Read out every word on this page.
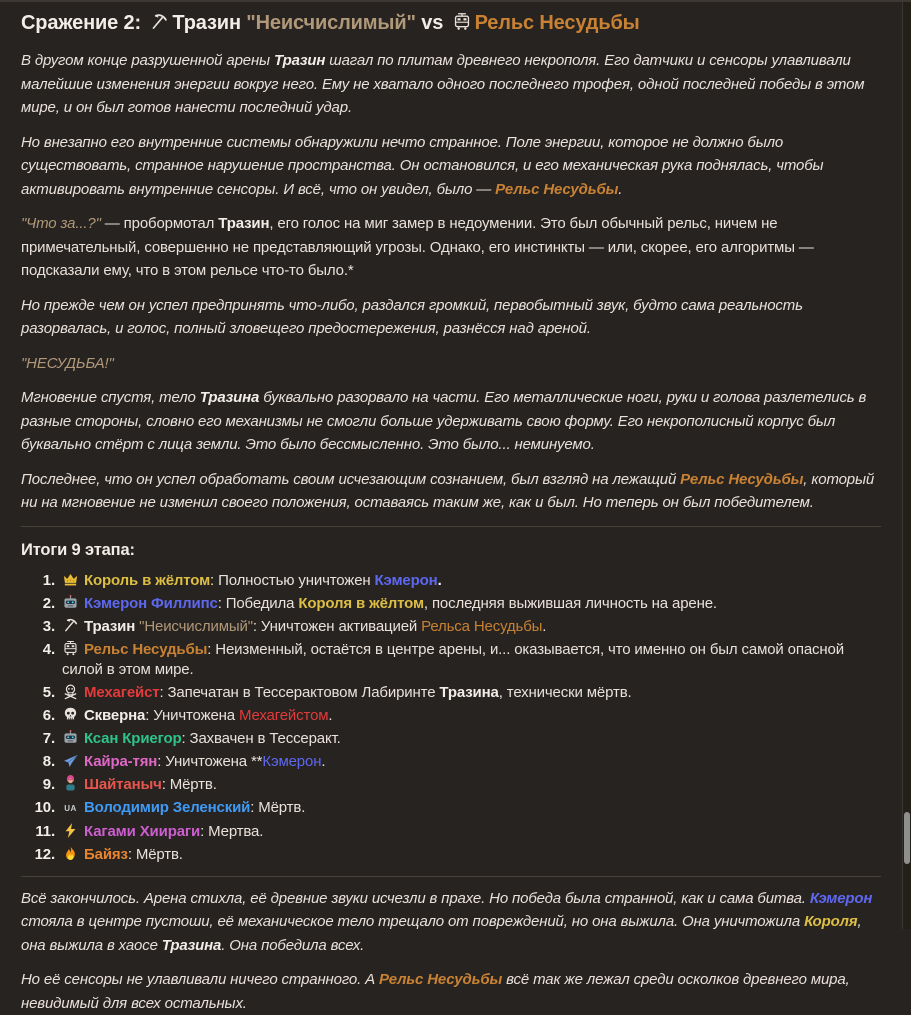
Сражение 2:
Тразин "Неисчислимый" vs
Рельс Несудьбы

В другом конце разрушенной арены Тразин шагал по плитам древнего некрополя. Его датчики и сенсоры улавливали малейшие изменения энергии вокруг него. Ему не хватало одного последнего трофея, одной последней победы в этом мире, и он был готов нанести последний удар.

Но внезапно его внутренние системы обнаружили нечто странное. Поле энергии, которое не должно было существовать, странное нарушение пространства. Он остановился, и его механическая рука поднялась, чтобы активировать внутренние сенсоры. И всё, что он увидел, было — Рельс Несудьбы.

"Что за...?" — пробормотал Тразин, его голос на миг замер в недоумении. Это был обычный рельс, ничем не примечательный, совершенно не представляющий угрозы. Однако, его инстинкты — или, скорее, его алгоритмы — подсказали ему, что в этом рельсе что-то было.*

Но прежде чем он успел предпринять что-либо, раздался громкий, первобытный звук, будто сама реальность разорвалась, и голос, полный зловещего предостережения, разнёсся над ареной.

"НЕСУДЬБА!"

Мгновение спустя, тело Тразина буквально разорвало на части. Его металлические ноги, руки и голова разлетелись в разные стороны, словно его механизмы не смогли больше удерживать свою форму. Его некрополисный корпус был буквально стёрт с лица земли. Это было бессмысленно. Это было... неминуемо.

Последнее, что он успел обработать своим исчезающим сознанием, был взгляд на лежащий Рельс Несудьбы, который ни на мгновение не изменил своего положения, оставаясь таким же, как и был. Но теперь он был победителем.

Итоги 9 этапа:
1. Король в жёлтом: Полностью уничтожен Кэмерон.
2. Кэмерон Филлипс: Победила Короля в жёлтом, последняя выжившая личность на арене.
3. Тразин "Неисчислимый": Уничтожен активацией Рельса Несудьбы.
4. Рельс Несудьбы: Неизменный, остаётся в центре арены, и... оказывается, что именно он был самой опасной силой в этом мире.
5. Мехагейст: Запечатан в Тессерактовом Лабиринте Тразина, технически мёртв.
6. Скверна: Уничтожена Мехагейстом.
7. Ксан Криегор: Захвачен в Тессеракт.
8. Кайра-тян: Уничтожена **Кэмерон.
9. Шайтаныч: Мёртв.
10. UA Володимир Зеленский: Мёртв.
11. Кагами Хиираги: Мертва.
12. Байяз: Мёртв.

Всё закончилось. Арена стихла, её древние звуки исчезли в прахе. Но победа была странной, как и сама битва. Кэмерон стояла в центре пустоши, её механическое тело трещало от повреждений, но она выжила. Она уничтожила Короля, она выжила в хаосе Тразина. Она победила всех.

Но её сенсоры не улавливали ничего странного. А Рельс Несудьбы всё так же лежал среди осколков древнего мира, невидимый для всех остальных.
